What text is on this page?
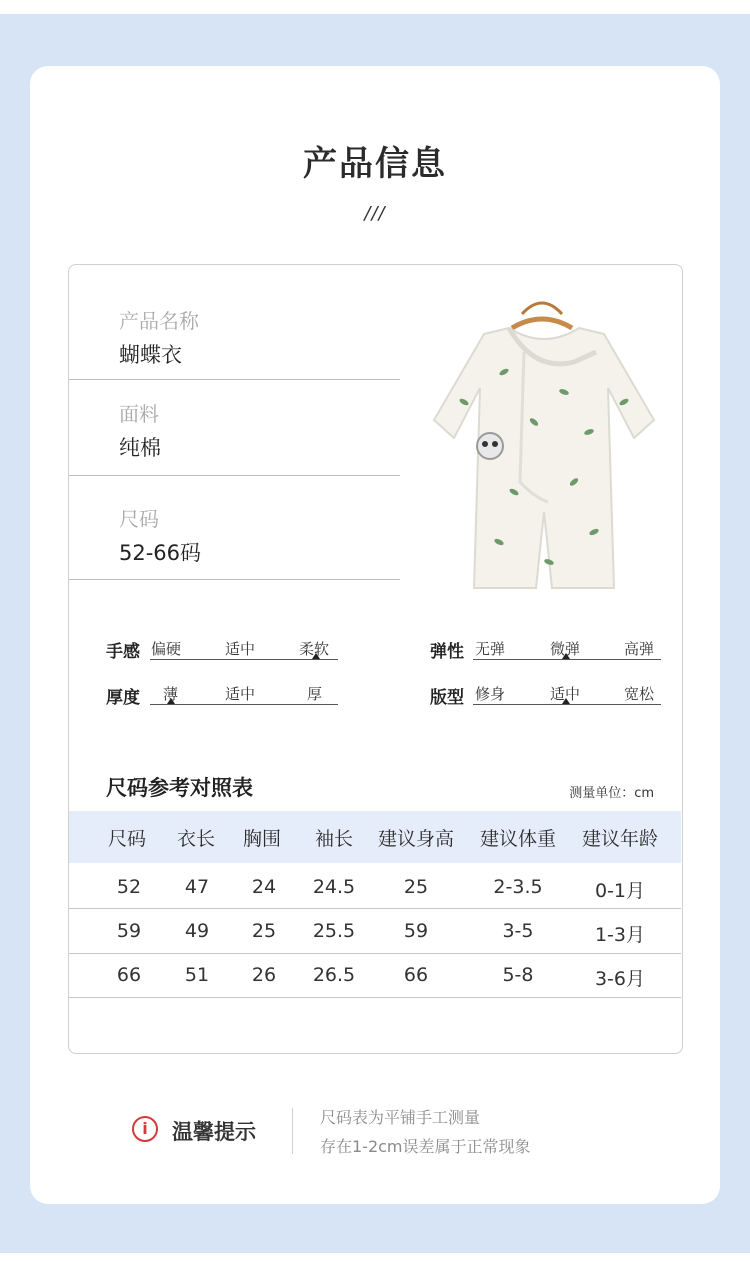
产品信息
///
产品名称
蝴蝶衣
面料
纯棉
尺码
52-66码
手感 偏硬	适中	柔软	弹性 无弹	微弹	高弹
厚度 薄	适中	厚	版型 修身	适中	宽松
尺码参考对照表	测量单位：cm
尺码	衣长	胸围	袖长	建议身高	建议体重	建议年龄
52	47	24	24.5	25	2-3.5	0-1月
59	49	25	25.5	59	3-5	1-3月
66	51	26	26.5	66	5-8	3-6月
i	温馨提示
尺码表为平铺手工测量
存在1-2cm误差属于正常现象
